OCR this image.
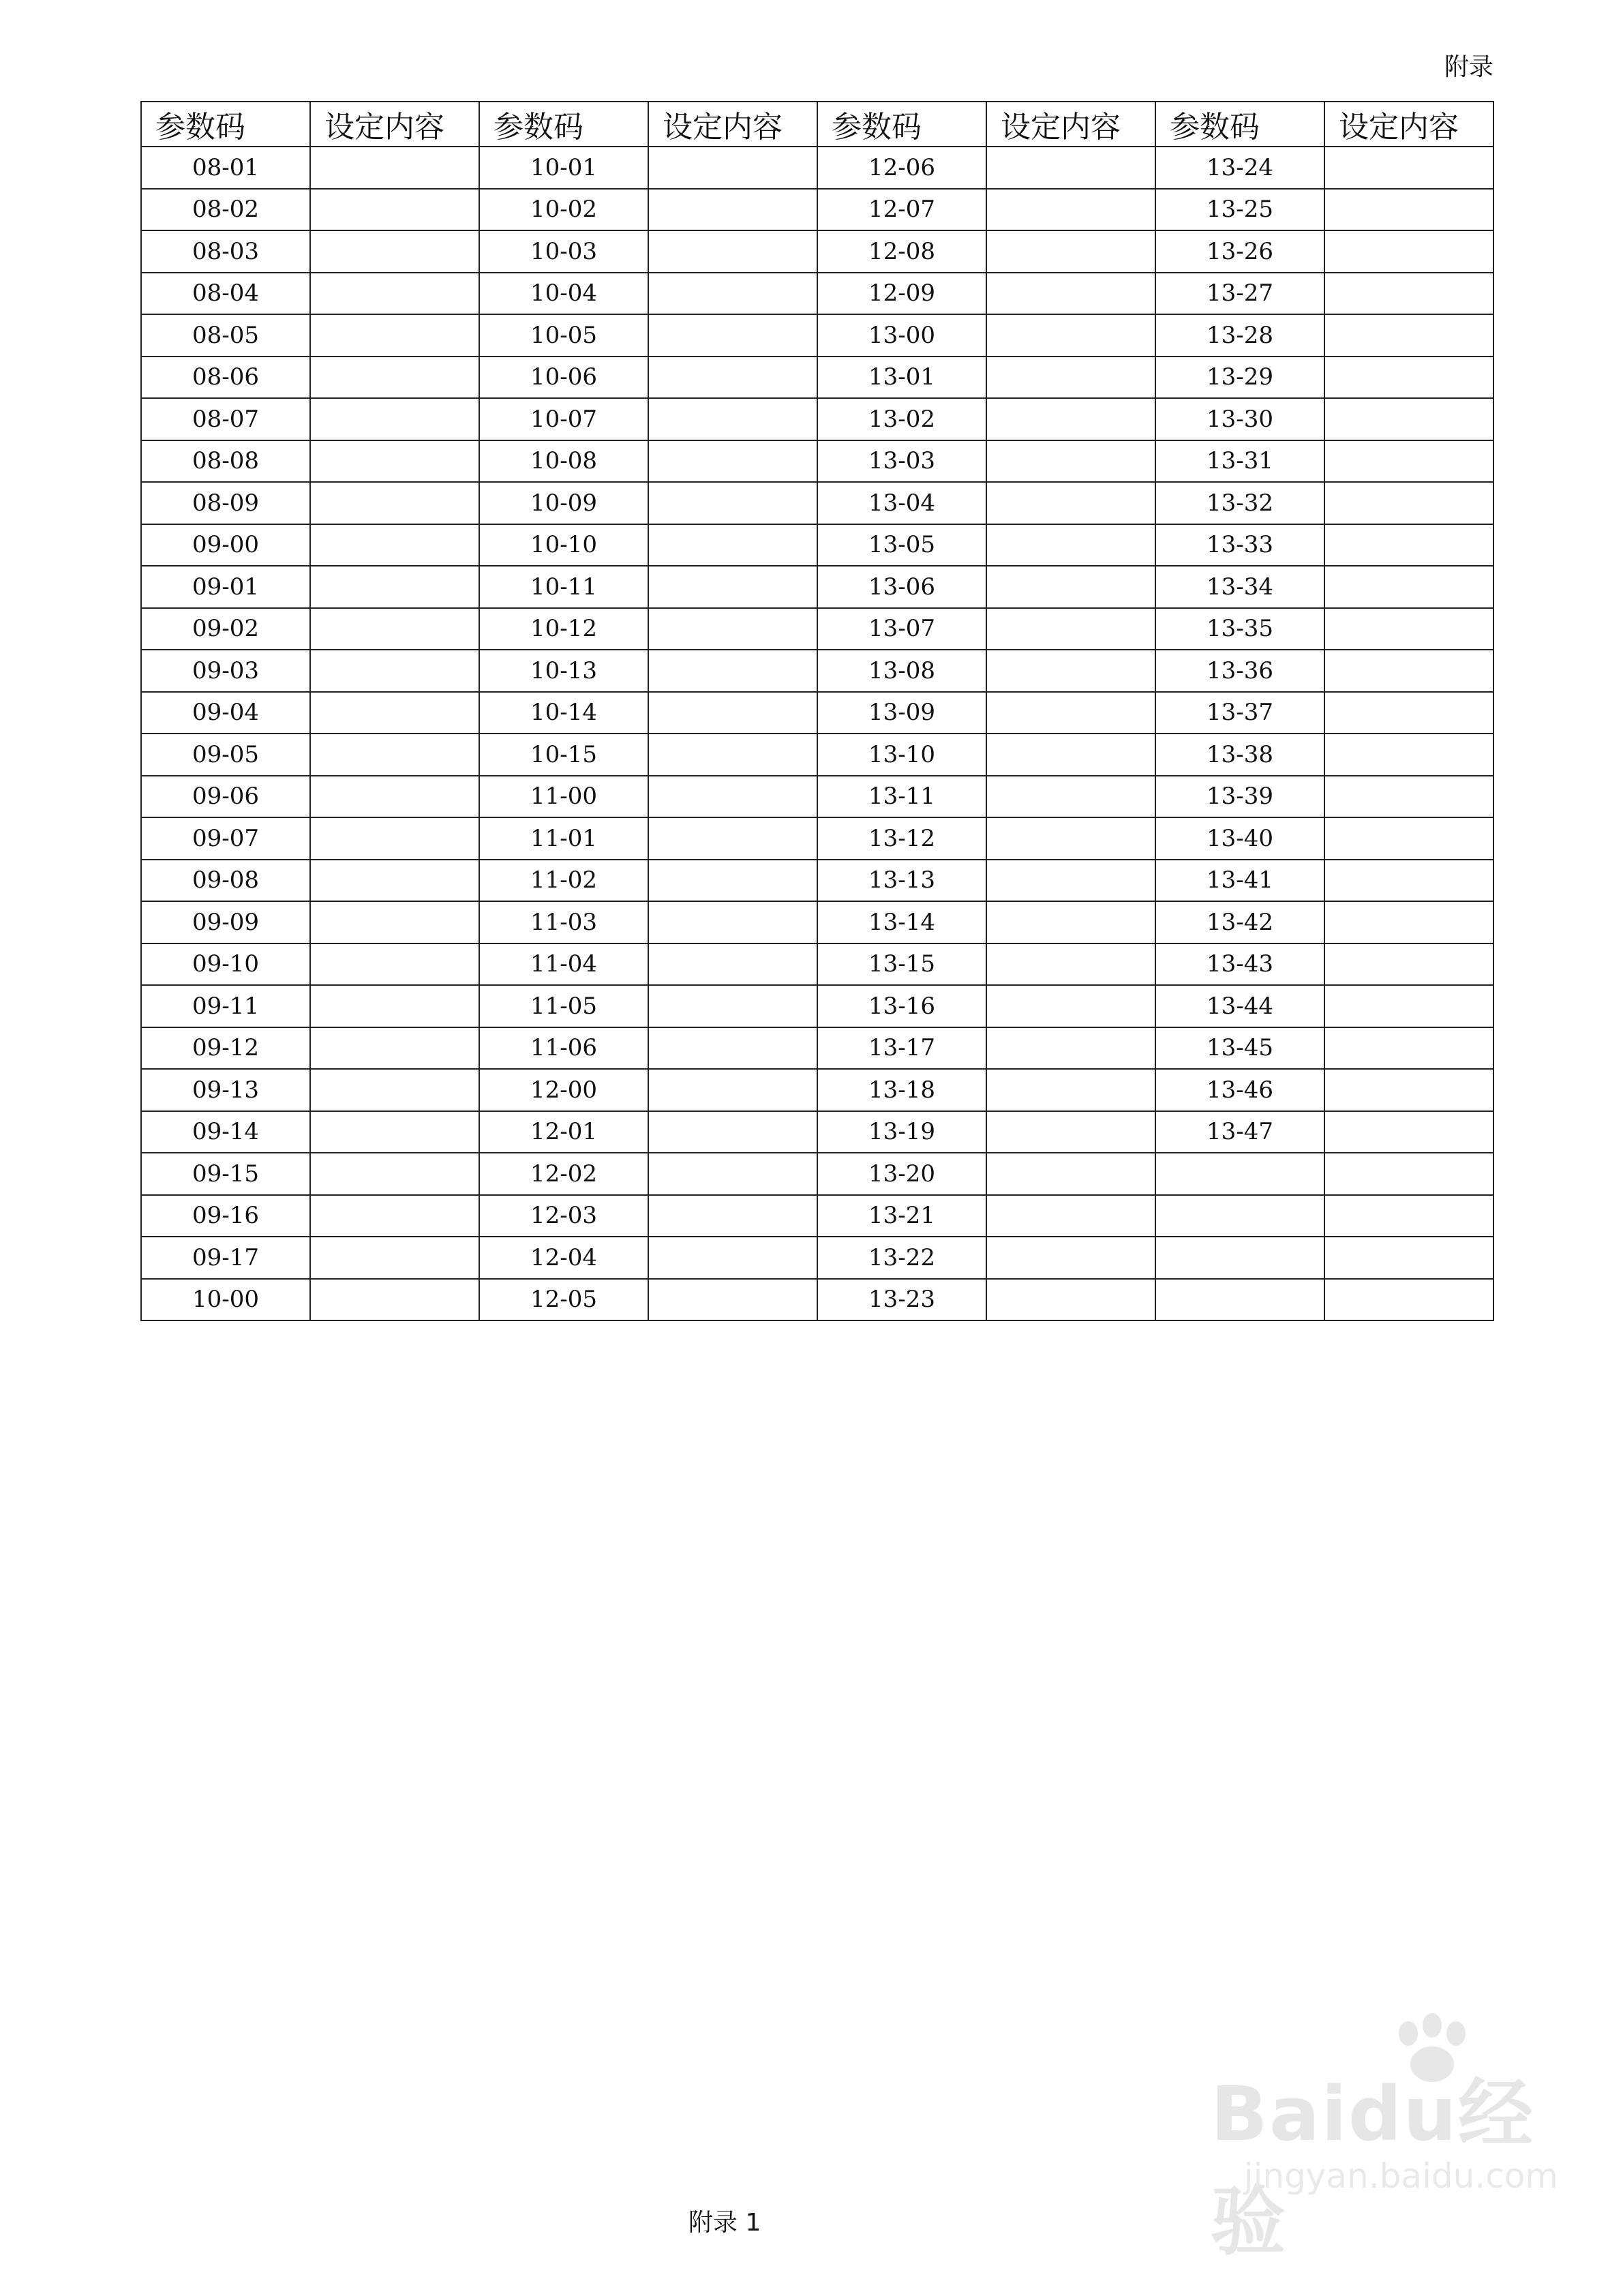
附录
参数码	设定内容	参数码	设定内容	参数码	设定内容	参数码	设定内容
08-01		10-01		12-06		13-24	
08-02		10-02		12-07		13-25	
08-03		10-03		12-08		13-26	
08-04		10-04		12-09		13-27	
08-05		10-05		13-00		13-28	
08-06		10-06		13-01		13-29	
08-07		10-07		13-02		13-30	
08-08		10-08		13-03		13-31	
08-09		10-09		13-04		13-32	
09-00		10-10		13-05		13-33	
09-01		10-11		13-06		13-34	
09-02		10-12		13-07		13-35	
09-03		10-13		13-08		13-36	
09-04		10-14		13-09		13-37	
09-05		10-15		13-10		13-38	
09-06		11-00		13-11		13-39	
09-07		11-01		13-12		13-40	
09-08		11-02		13-13		13-41	
09-09		11-03		13-14		13-42	
09-10		11-04		13-15		13-43	
09-11		11-05		13-16		13-44	
09-12		11-06		13-17		13-45	
09-13		12-00		13-18		13-46	
09-14		12-01		13-19		13-47	
09-15		12-02		13-20			
09-16		12-03		13-21			
09-17		12-04		13-22			
10-00		12-05		13-23			
附录 1
Baidu经验
jingyan.baidu.com
